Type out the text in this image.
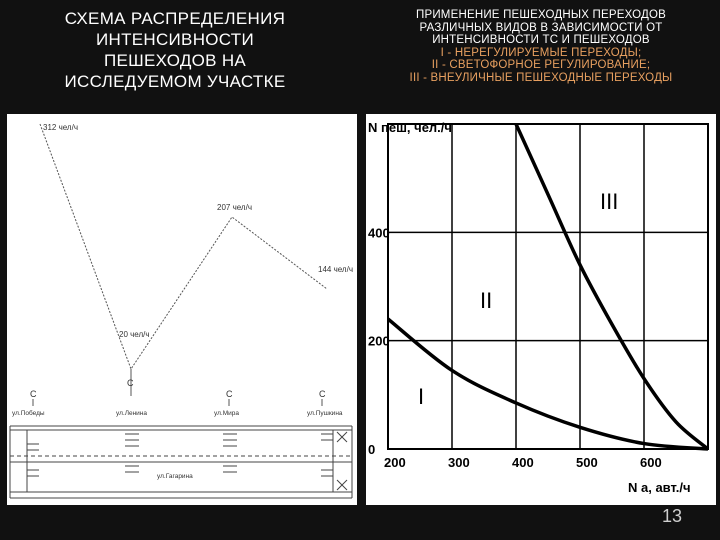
СХЕМА РАСПРЕДЕЛЕНИЯ
ИНТЕНСИВНОСТИ
ПЕШЕХОДОВ НА
ИССЛЕДУЕМОМ УЧАСТКЕ
ПРИМЕНЕНИЕ ПЕШЕХОДНЫХ ПЕРЕХОДОВ
РАЗЛИЧНЫХ ВИДОВ В ЗАВИСИМОСТИ ОТ
ИНТЕНСИВНОСТИ ТС И ПЕШЕХОДОВ
I - НЕРЕГУЛИРУЕМЫЕ ПЕРЕХОДЫ;
II - СВЕТОФОРНОЕ РЕГУЛИРОВАНИЕ;
III - ВНЕУЛИЧНЫЕ ПЕШЕХОДНЫЕ ПЕРЕХОДЫ
312 чел/ч
20 чел/ч
207 чел/ч
144 чел/ч
С
С
С	С
ул.Победы	ул.Ленина	ул.Мира	ул.Пушкина
ул.Гагарина
200	300	400	500	600
0
200
400
N пеш, чел./ч
N а, авт./ч
I
II
III
13
